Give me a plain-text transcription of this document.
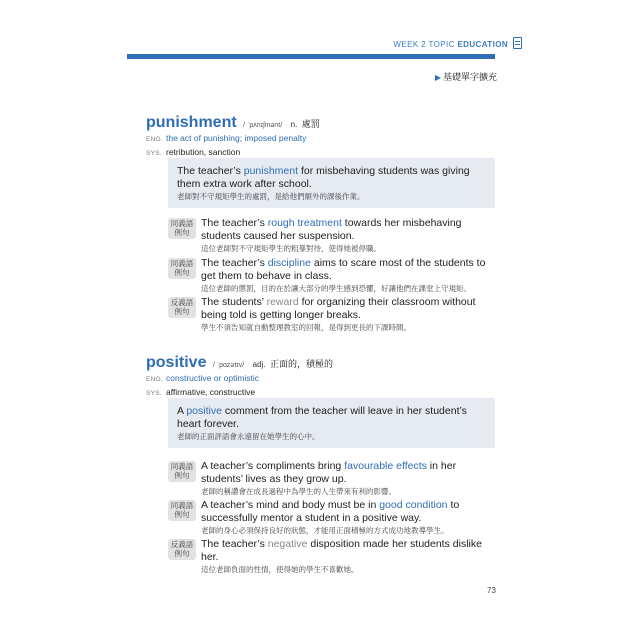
WEEK 2 TOPIC EDUCATION
▶ 基礎單字擴充
punishment / ˈpʌnɪʃmənt/ n. 處罰
ENG. the act of punishing; imposed penalty
SYS. retribution, sanction
The teacher’s punishment for misbehaving students was giving them extra work after school.
老師對不守規矩學生的處罰，是給他們額外的課後作業。
同義語
例句
The teacher’s rough treatment towards her misbehaving students caused her suspension.
這位老師對不守規矩學生的粗暴對待，使得她被停職。
同義語
例句
The teacher’s discipline aims to scare most of the students to get them to behave in class.
這位老師的懲罰，目的在於讓大部分的學生感到恐懼，好讓他們在課堂上守規矩。
反義語
例句
The students’ reward for organizing their classroom without being told is getting longer breaks.
學生不須告知就自動整理教室的回報，是得到更長的下課時間。
positive / ˈpɑzətɪv/ adj. 正面的，積極的
ENG. constructive or optimistic
SYS. affirmative, constructive
A positive comment from the teacher will leave in her student’s heart forever.
老師的正面評語會永遠留在她學生的心中。
同義語
例句
A teacher’s compliments bring favourable effects in her students’ lives as they grow up.
老師的稱讚會在成長過程中為學生的人生帶來有利的影響。
同義語
例句
A teacher’s mind and body must be in good condition to successfully mentor a student in a positive way.
老師的身心必須保持良好的狀態，才能用正面積極的方式成功地教導學生。
反義語
例句
The teacher’s negative disposition made her students dislike her.
這位老師負面的性情，使得她的學生不喜歡她。
73
